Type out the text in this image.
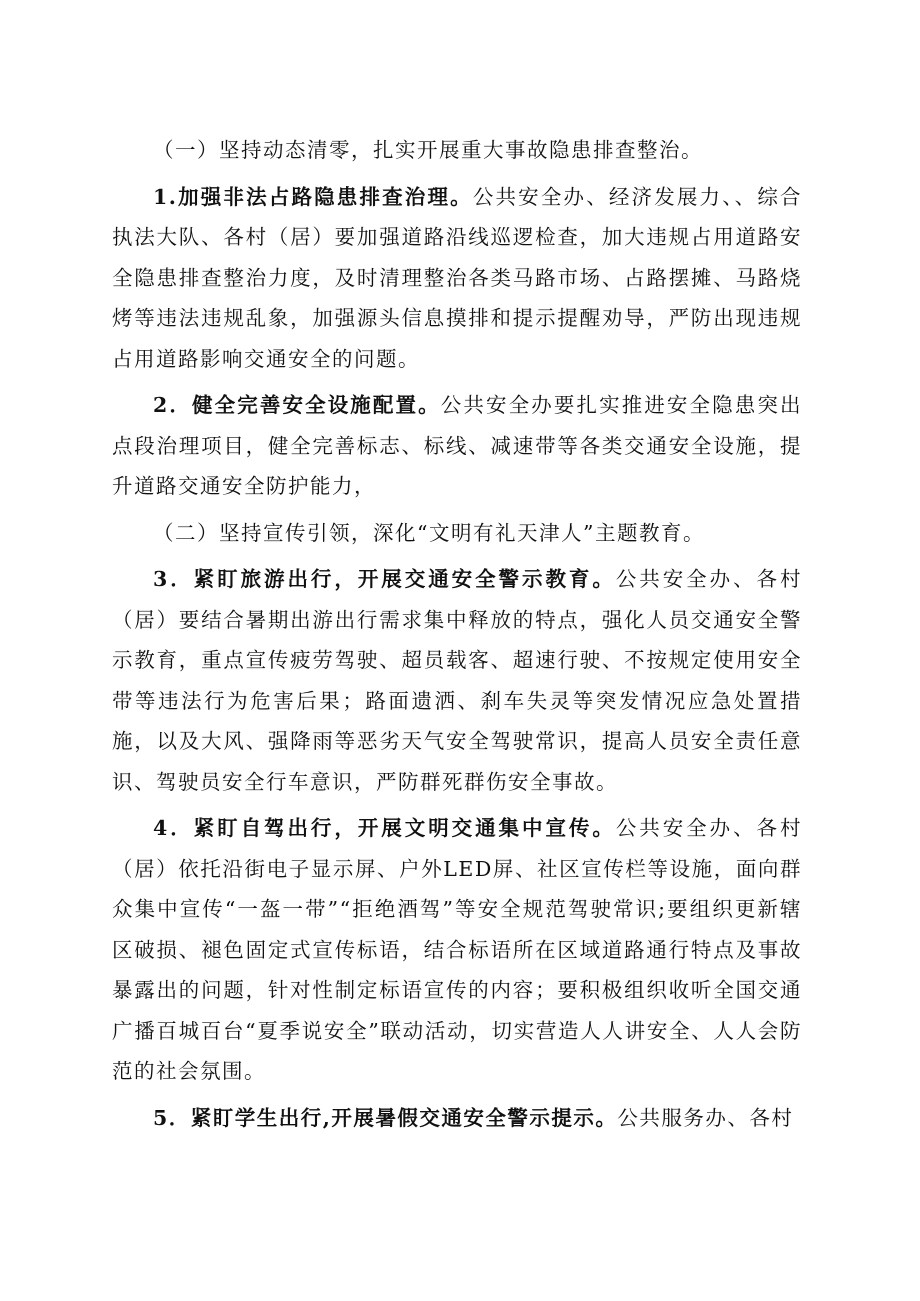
（一）坚持动态清零，扎实开展重大事故隐患排查整治。

1.加强非法占路隐患排查治理。公共安全办、经济发展力、、综合执法大队、各村（居）要加强道路沿线巡逻检查，加大违规占用道路安全隐患排查整治力度，及时清理整治各类马路市场、占路摆摊、马路烧烤等违法违规乱象，加强源头信息摸排和提示提醒劝导，严防出现违规占用道路影响交通安全的问题。

2．健全完善安全设施配置。公共安全办要扎实推进安全隐患突出点段治理项目，健全完善标志、标线、减速带等各类交通安全设施，提升道路交通安全防护能力，

（二）坚持宣传引领，深化“文明有礼天津人”主题教育。

3．紧盯旅游出行，开展交通安全警示教育。公共安全办、各村（居）要结合暑期出游出行需求集中释放的特点，强化人员交通安全警示教育，重点宣传疲劳驾驶、超员载客、超速行驶、不按规定使用安全带等违法行为危害后果；路面遗洒、刹车失灵等突发情况应急处置措施，以及大风、强降雨等恶劣天气安全驾驶常识，提高人员安全责任意识、驾驶员安全行车意识，严防群死群伤安全事故。

4．紧盯自驾出行，开展文明交通集中宣传。公共安全办、各村（居）依托沿街电子显示屏、户外LED屏、社区宣传栏等设施，面向群众集中宣传“一盔一带”“拒绝酒驾”等安全规范驾驶常识;要组织更新辖区破损、褪色固定式宣传标语，结合标语所在区域道路通行特点及事故暴露出的问题，针对性制定标语宣传的内容；要积极组织收听全国交通广播百城百台“夏季说安全”联动活动，切实营造人人讲安全、人人会防范的社会氛围。

5．紧盯学生出行,开展暑假交通安全警示提示。公共服务办、各村
